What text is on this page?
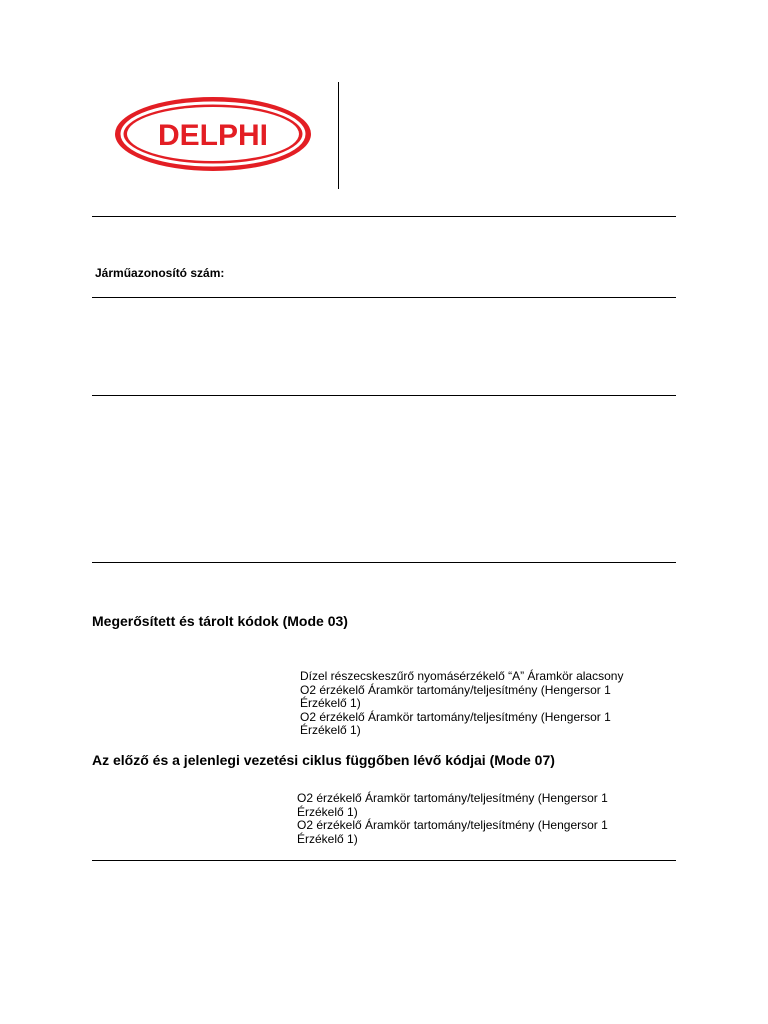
DELPHI
Járműazonosító szám:
Megerősített és tárolt kódok (Mode 03)
Dízel részecskeszűrő nyomásérzékelő “A” Áramkör alacsony
O2 érzékelő Áramkör tartomány/teljesítmény (Hengersor 1 Érzékelő 1)
O2 érzékelő Áramkör tartomány/teljesítmény (Hengersor 1 Érzékelő 1)
Az előző és a jelenlegi vezetési ciklus függőben lévő kódjai (Mode 07)
O2 érzékelő Áramkör tartomány/teljesítmény (Hengersor 1 Érzékelő 1)
O2 érzékelő Áramkör tartomány/teljesítmény (Hengersor 1 Érzékelő 1)
